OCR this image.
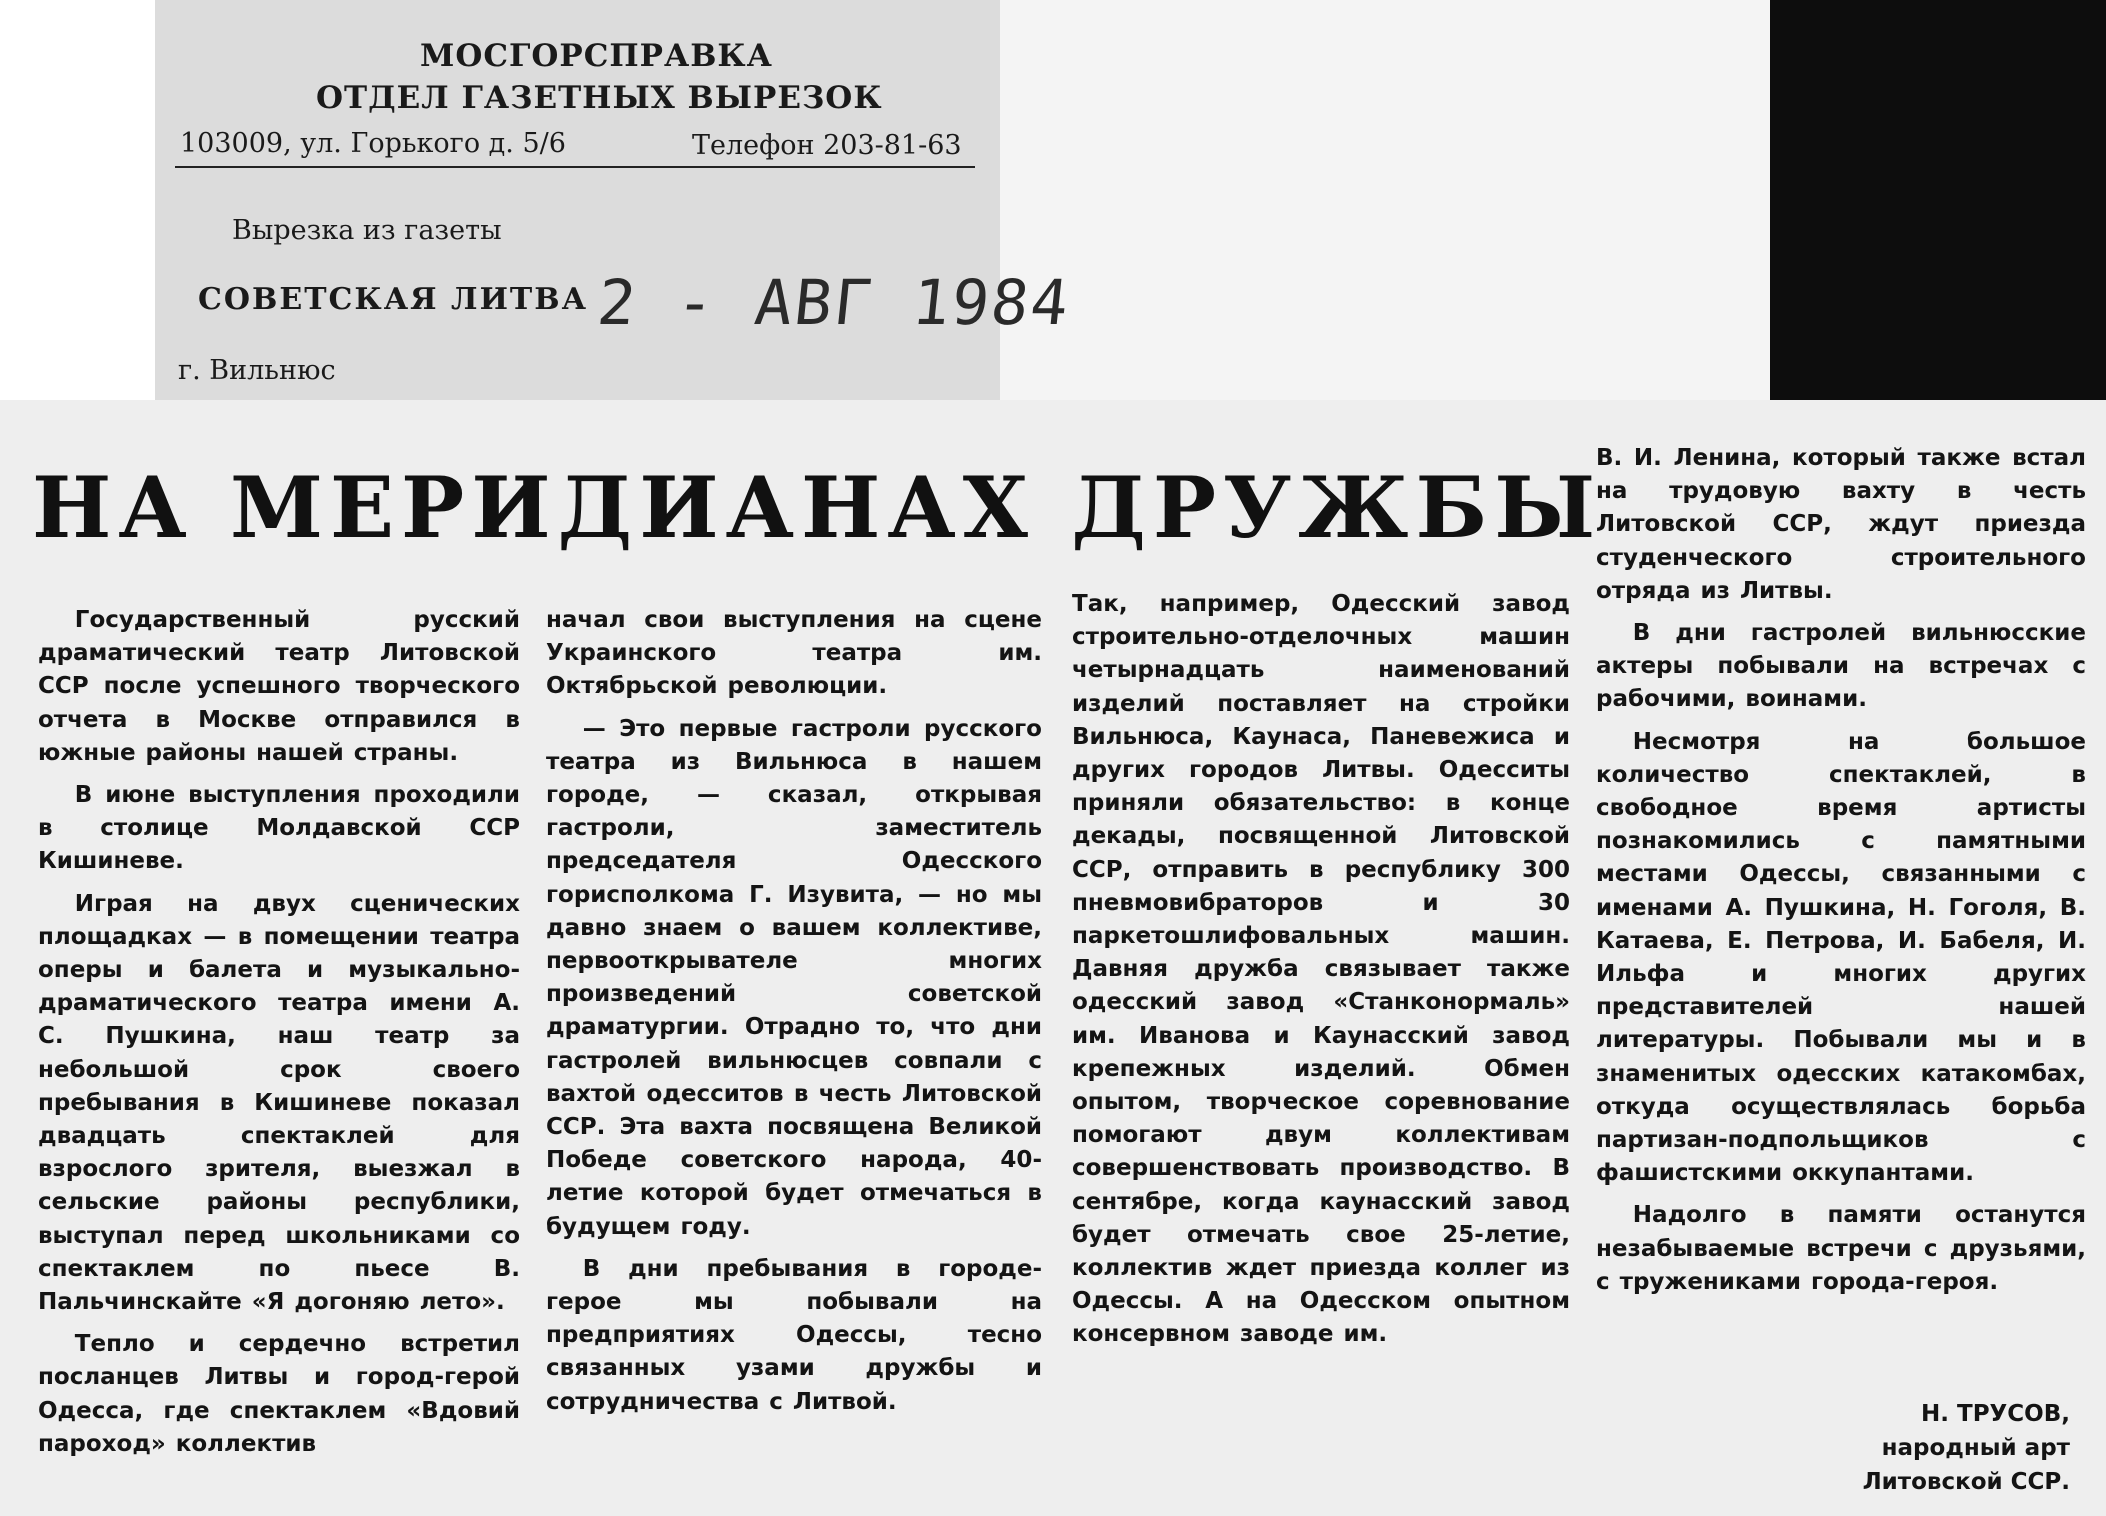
МОСГОРСПРАВКА
ОТДЕЛ ГАЗЕТНЫХ ВЫРЕЗОК
103009, ул. Горького д. 5/6	Телефон 203-81-63
Вырезка из газеты
СОВЕТСКАЯ ЛИТВА 2 - АВГ 1984
г. Вильнюс
НА МЕРИДИАНАХ ДРУЖБЫ

Государственный русский драматический театр Литовской ССР после успешного творческого отчета в Москве отправился в южные районы нашей страны.

В июне выступления проходили в столице Молдавской ССР Кишиневе.

Играя на двух сценических площадках — в помещении театра оперы и балета и музыкально-драматического театра имени А. С. Пушкина, наш театр за небольшой срок своего пребывания в Кишиневе показал двадцать спектаклей для взрослого зрителя, выезжал в сельские районы республики, выступал перед школьниками со спектаклем по пьесе В. Пальчинскайте «Я догоняю лето».

Тепло и сердечно встретил посланцев Литвы и город-герой Одесса, где спектаклем «Вдовий пароход» коллектив

начал свои выступления на сцене Украинского театра им. Октябрьской революции.

— Это первые гастроли русского театра из Вильнюса в нашем городе, — сказал, открывая гастроли, заместитель председателя Одесского горисполкома Г. Изувита, — но мы давно знаем о вашем коллективе, первооткрывателе многих произведений советской драматургии. Отрадно то, что дни гастролей вильнюсцев совпали с вахтой одесситов в честь Литовской ССР. Эта вахта посвящена Великой Победе советского народа, 40-летие которой будет отмечаться в будущем году.

В дни пребывания в городе-герое мы побывали на предприятиях Одессы, тесно связанных узами дружбы и сотрудничества с Литвой.

Так, например, Одесский завод строительно-отделочных машин четырнадцать наименований изделий поставляет на стройки Вильнюса, Каунаса, Паневежиса и других городов Литвы. Одесситы приняли обязательство: в конце декады, посвященной Литовской ССР, отправить в республику 300 пневмовибраторов и 30 паркетошлифовальных машин. Давняя дружба связывает также одесский завод «Станконормаль» им. Иванова и Каунасский завод крепежных изделий. Обмен опытом, творческое соревнование помогают двум коллективам совершенствовать производство. В сентябре, когда каунасский завод будет отмечать свое 25-летие, коллектив ждет приезда коллег из Одессы. А на Одесском опытном консервном заводе им.

В. И. Ленина, который также встал на трудовую вахту в честь Литовской ССР, ждут приезда студенческого строительного отряда из Литвы.

В дни гастролей вильнюсские актеры побывали на встречах с рабочими, воинами.

Несмотря на большое количество спектаклей, в свободное время артисты познакомились с памятными местами Одессы, связанными с именами А. Пушкина, Н. Гоголя, В. Катаева, Е. Петрова, И. Бабеля, И. Ильфа и многих других представителей нашей литературы. Побывали мы и в знаменитых одесских катакомбах, откуда осуществлялась борьба партизан-подпольщиков с фашистскими оккупантами.

Надолго в памяти останутся незабываемые встречи с друзьями, с тружениками города-героя.

Н. ТРУСОВ,
народный арт
Литовской ССР.
